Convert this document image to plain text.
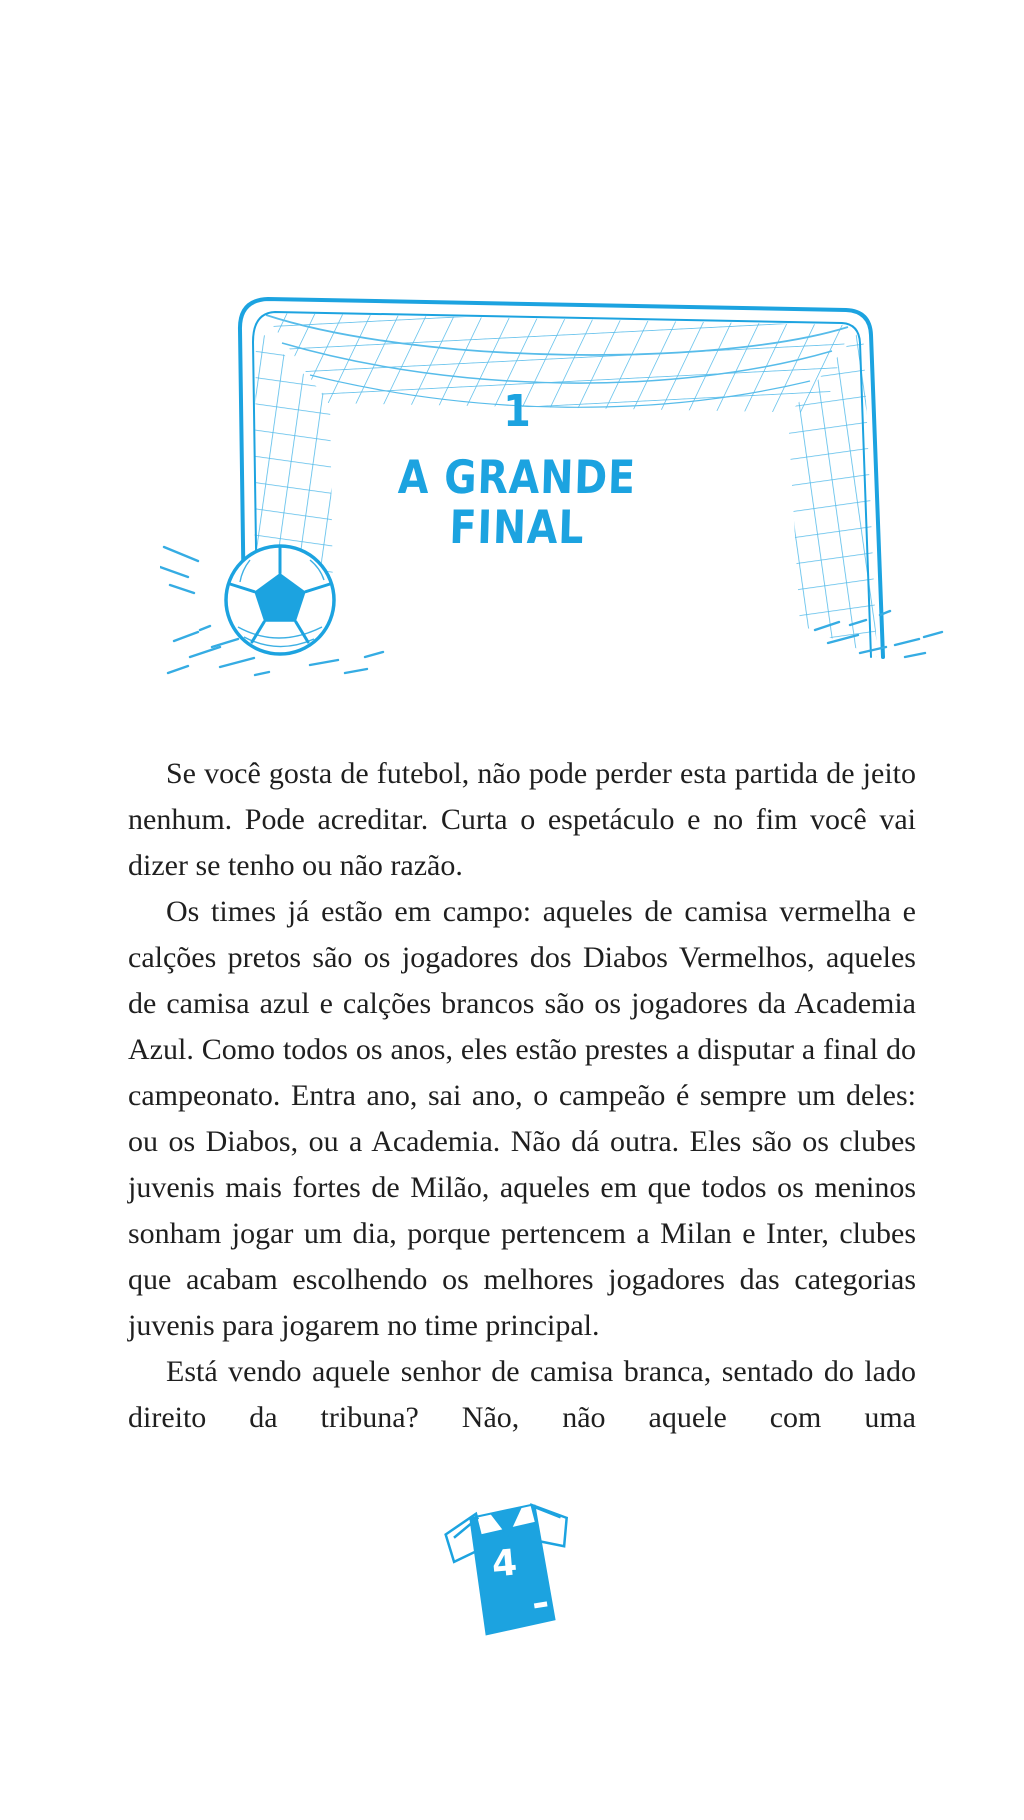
1
A GRANDE
FINAL

Se você gosta de futebol, não pode perder esta partida de jeito nenhum. Pode acreditar. Curta o espetáculo e no fim você vai dizer se tenho ou não razão.

Os times já estão em campo: aqueles de camisa vermelha e calções pretos são os jogadores dos Diabos Vermelhos, aqueles de camisa azul e calções brancos são os jogadores da Academia Azul. Como todos os anos, eles estão prestes a disputar a final do campeonato. Entra ano, sai ano, o campeão é sempre um deles: ou os Diabos, ou a Academia. Não dá outra. Eles são os clubes juvenis mais fortes de Milão, aqueles em que todos os meninos sonham jogar um dia, porque pertencem a Milan e Inter, clubes que acabam escolhendo os melhores jogadores das categorias juvenis para jogarem no time principal.

Está vendo aquele senhor de camisa branca, sentado do lado direito da tribuna? Não, não aquele com uma

4
